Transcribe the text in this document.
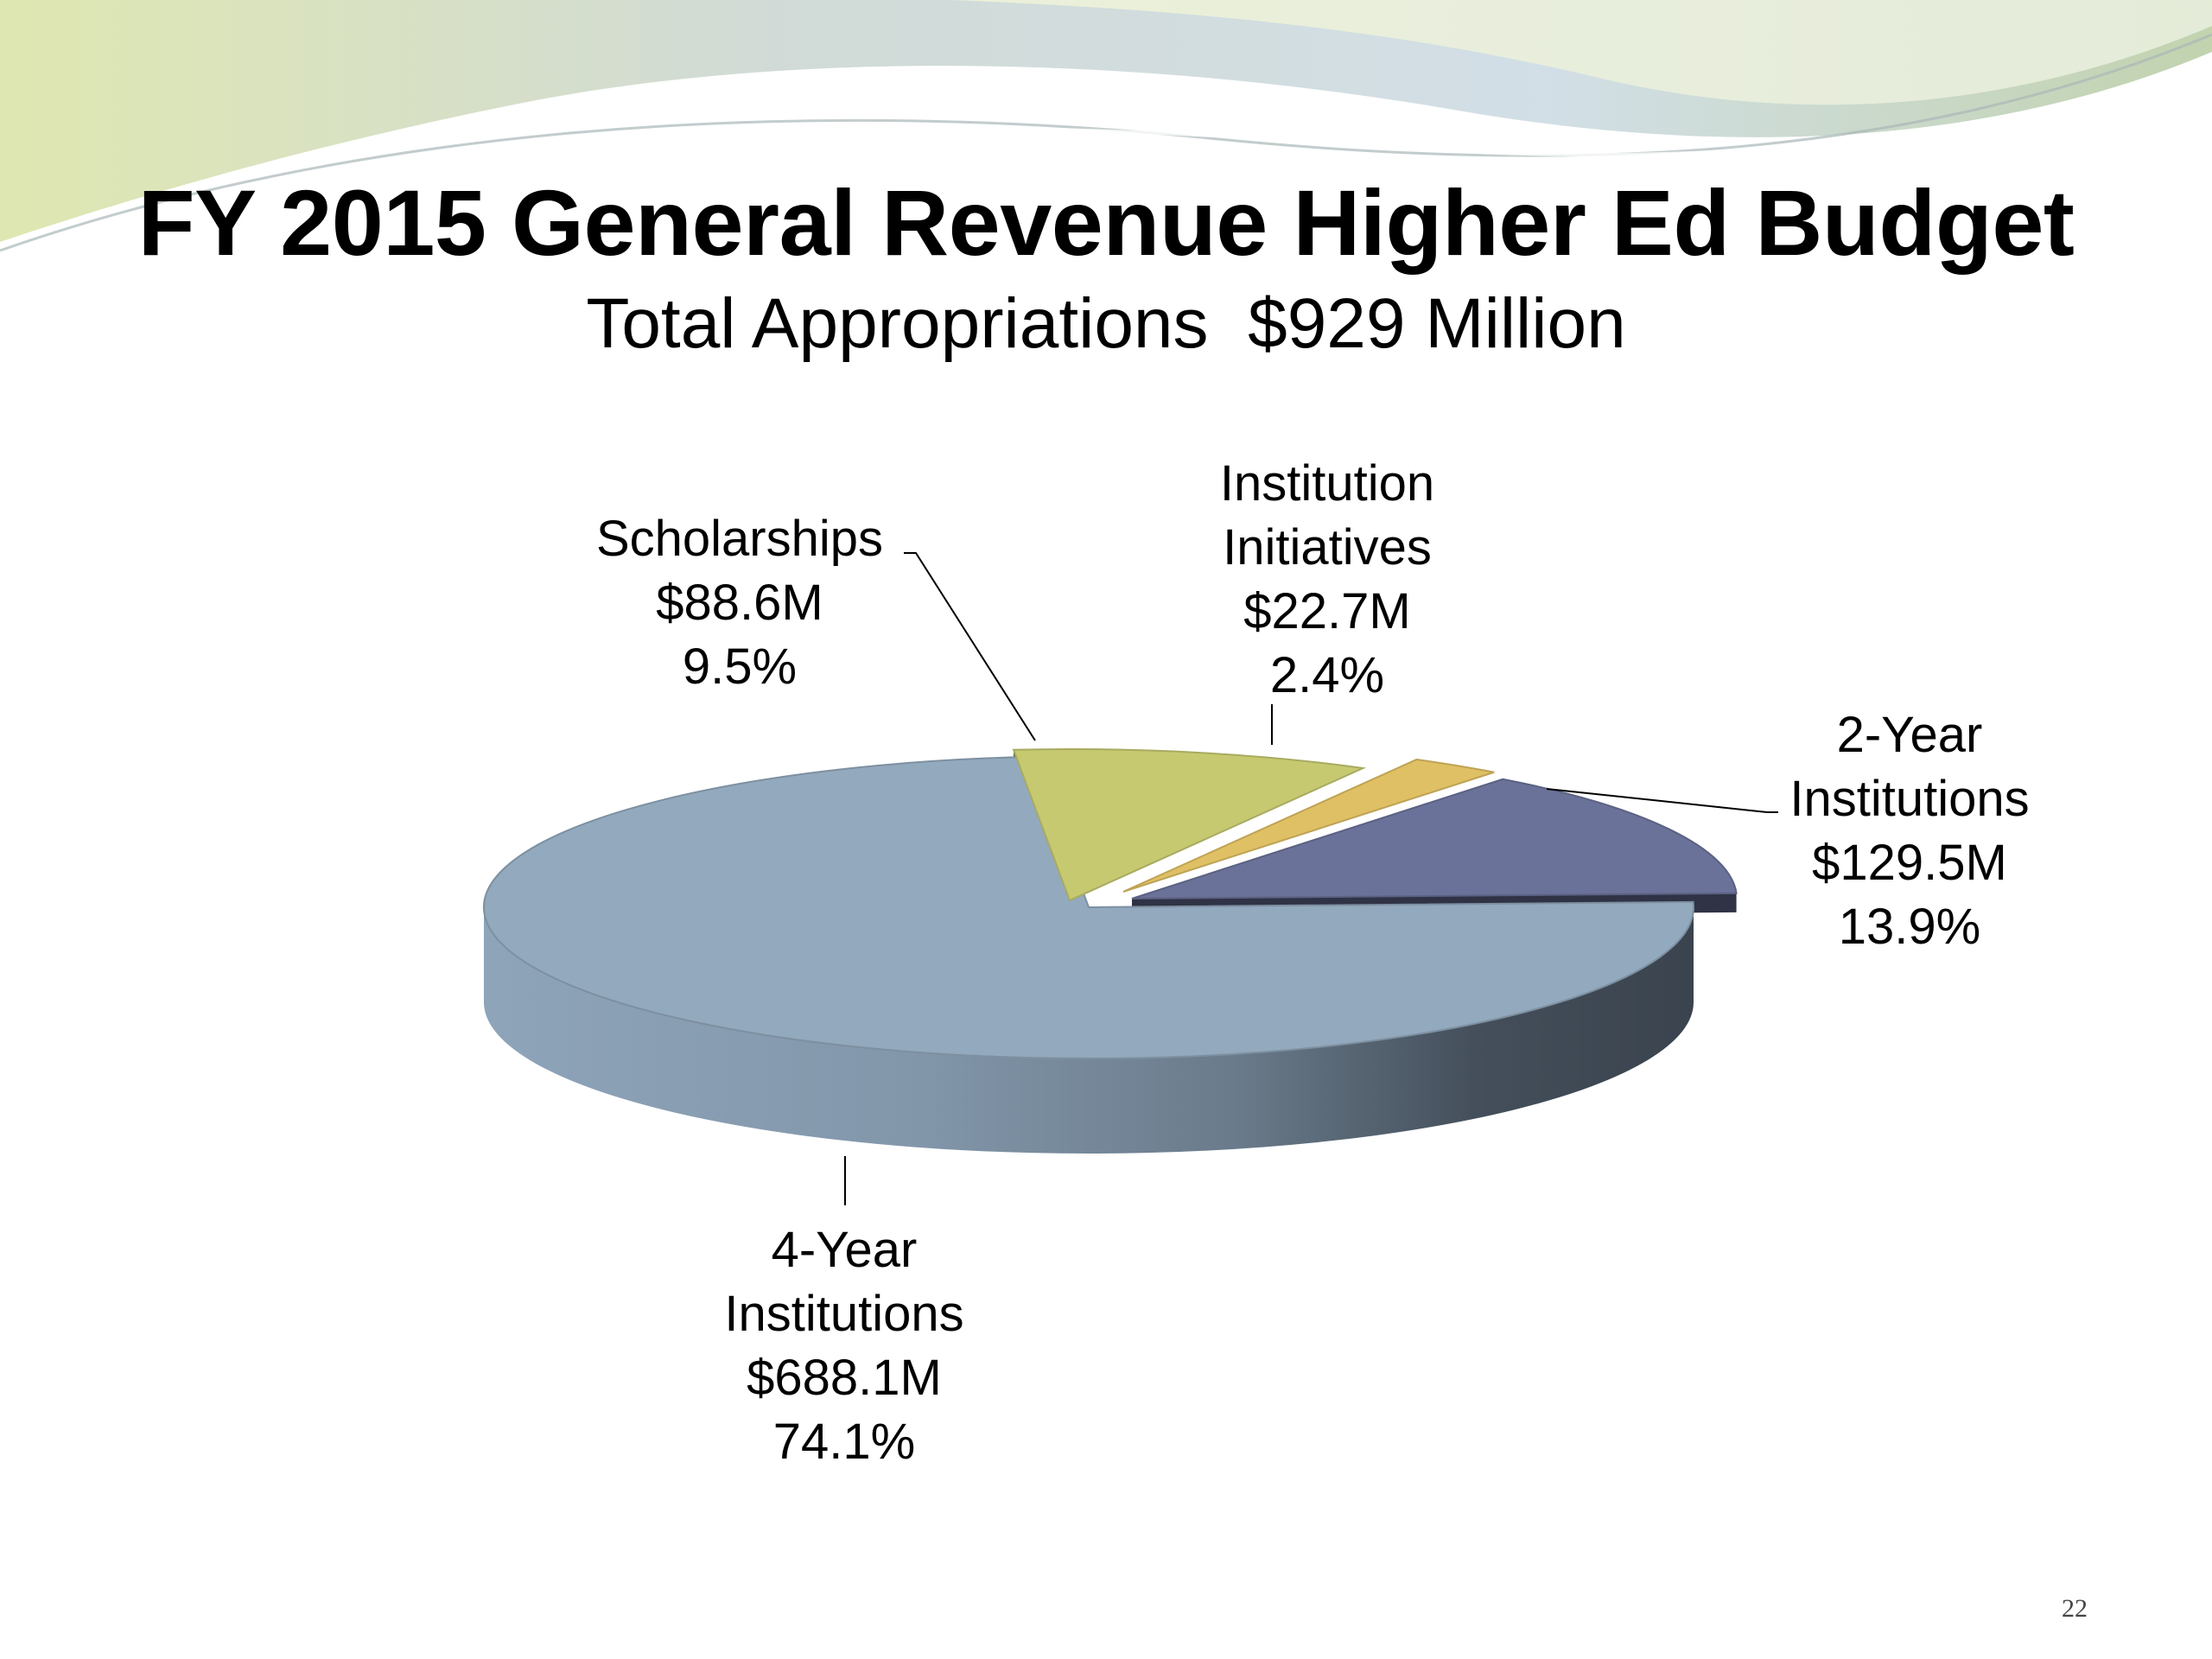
FY 2015 General Revenue Higher Ed Budget
Total Appropriations  $929 Million
4-Year
Institutions
$688.1M
74.1%
Scholarships
$88.6M
9.5%
Institution
Initiatives
$22.7M
2.4%
2-Year
Institutions
$129.5M
13.9%
22
